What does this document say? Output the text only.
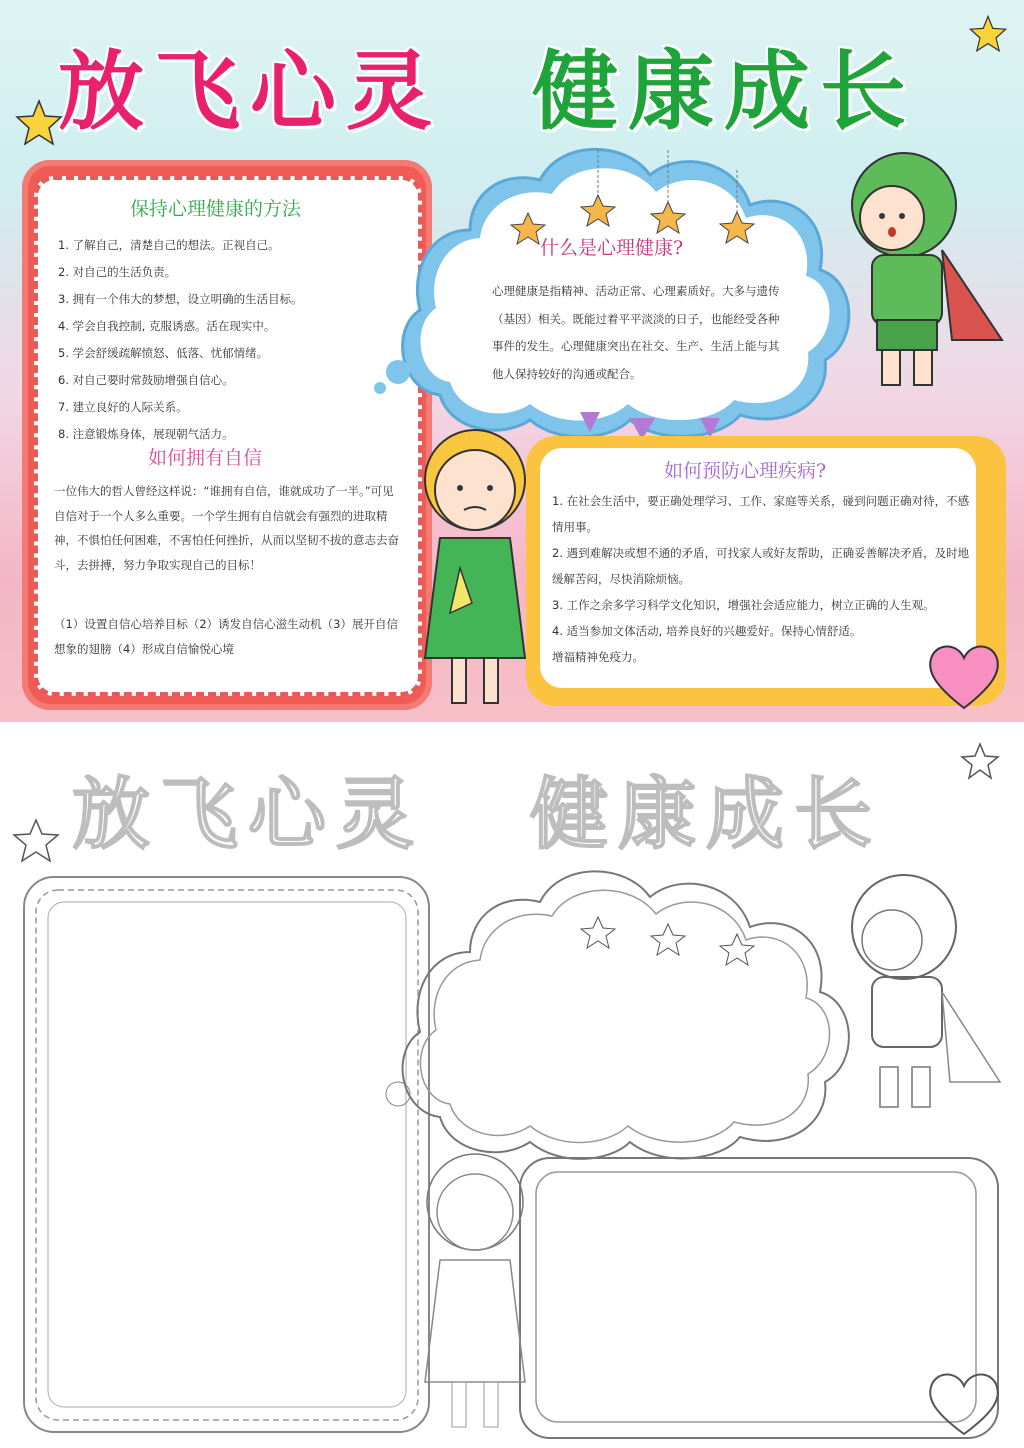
放飞心灵 健康成长
保持心理健康的方法
1. 了解自己，清楚自己的想法。正视自己。
2. 对自己的生活负责。
3. 拥有一个伟大的梦想，设立明确的生活目标。
4. 学会自我控制, 克服诱惑。活在现实中。
5. 学会舒缓疏解愤怒、低落、忧郁情绪。
6. 对自己要时常鼓励增强自信心。
7. 建立良好的人际关系。
8. 注意锻炼身体，展现朝气活力。
如何拥有自信

一位伟大的哲人曾经这样说：“谁拥有自信，谁就成功了一半。”可见自信对于一个人多么重要。一个学生拥有自信就会有强烈的进取精神，不惧怕任何困难，不害怕任何挫折，从而以坚韧不拔的意志去奋斗，去拼搏，努力争取实现自己的目标！

（1）设置自信心培养目标（2）诱发自信心滋生动机（3）展开自信想象的翅膀（4）形成自信愉悦心境

什么是心理健康?

心理健康是指精神、活动正常、心理素质好。大多与遗传（基因）相关。既能过着平平淡淡的日子，也能经受各种事件的发生。心理健康突出在社交、生产、生活上能与其他人保持较好的沟通或配合。

如何预防心理疾病?

1. 在社会生活中，要正确处理学习、工作、家庭等关系，碰到问题正确对待，不感情用事。

2. 遇到难解决或想不通的矛盾，可找家人或好友帮助，正确妥善解决矛盾，及时地缓解苦闷，尽快消除烦恼。

3. 工作之余多学习科学文化知识，增强社会适应能力，树立正确的人生观。

4. 适当参加文体活动, 培养良好的兴趣爱好。保持心情舒适。

增福精神免疫力。

放飞心灵 健康成长
